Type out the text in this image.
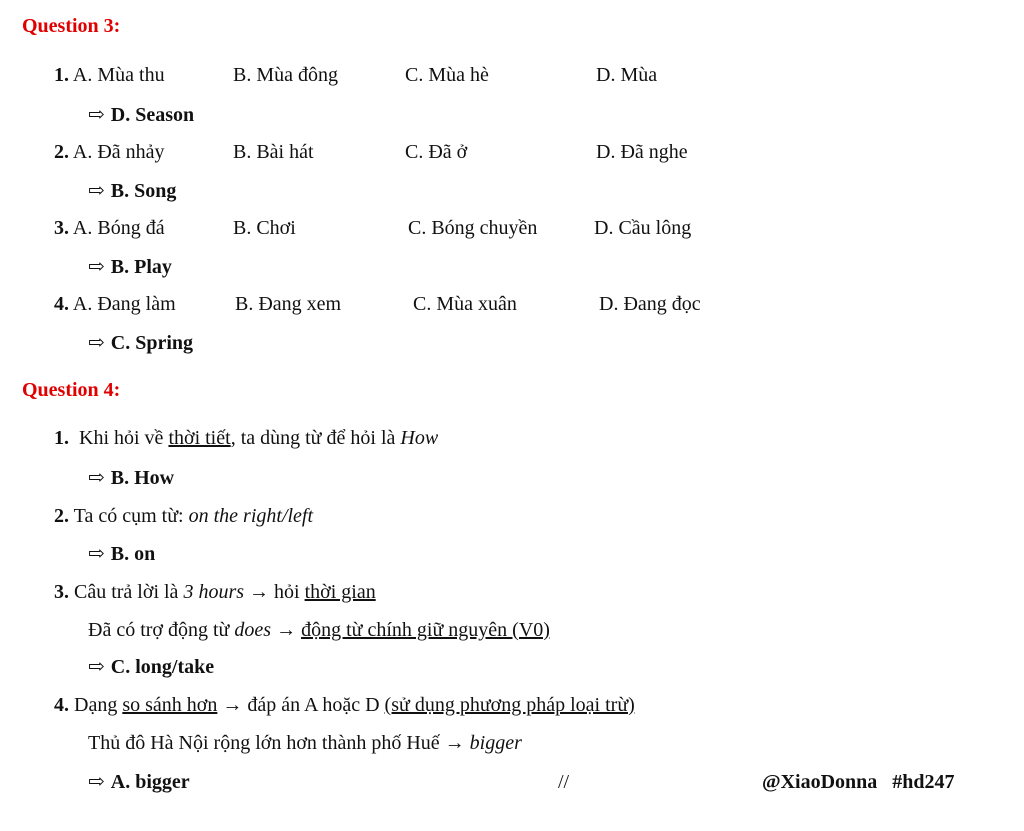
Question 3:
1. A. Mùa thu	B. Mùa đông	C. Mùa hè	D. Mùa
⇨ D. Season
2. A. Đã nhảy	B. Bài hát	C. Đã ở	D. Đã nghe
⇨ B. Song
3. A. Bóng đá	B. Chơi	C. Bóng chuyền	D. Cầu lông
⇨ B. Play
4. A. Đang làm	B. Đang xem	C. Mùa xuân	D. Đang đọc
⇨ C. Spring
Question 4:
1. Khi hỏi về thời tiết, ta dùng từ để hỏi là How
⇨ B. How
2. Ta có cụm từ: on the right/left
⇨ B. on
3. Câu trả lời là 3 hours → hỏi thời gian
Đã có trợ động từ does → động từ chính giữ nguyên (V0)
⇨ C. long/take
4. Dạng so sánh hơn → đáp án A hoặc D (sử dụng phương pháp loại trừ)
Thủ đô Hà Nội rộng lớn hơn thành phố Huế → bigger
⇨ A. bigger	//	@XiaoDonna   #hd247
